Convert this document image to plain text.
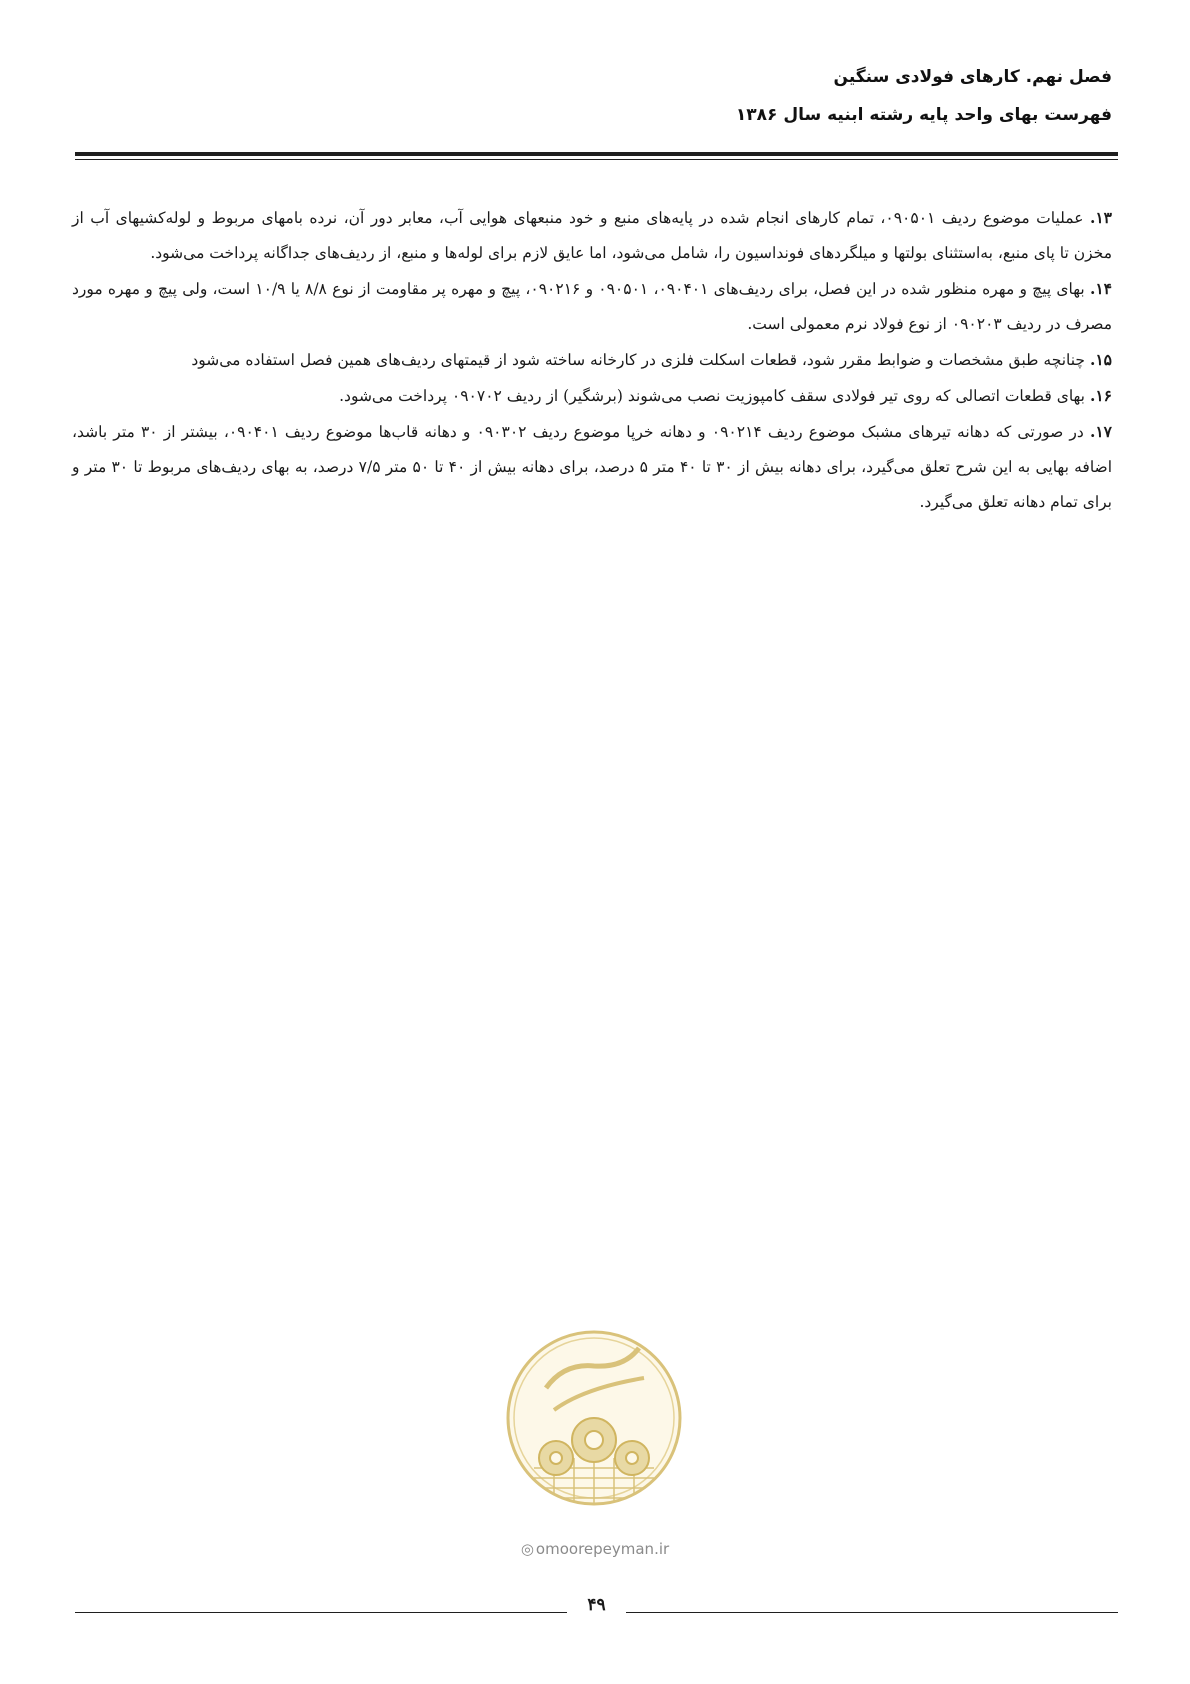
فصل نهم. کارهای فولادی سنگین
فهرست بهای واحد پایه رشته ابنیه سال ۱۳۸۶

۱۳. عملیات موضوع ردیف ۰۹۰۵۰۱، تمام کارهای انجام شده در پایه‌های منبع و خود منبعهای هوایی آب، معابر دور آن، نرده بامهای مربوط و لوله‌کشیهای آب از مخزن تا پای منبع، به‌استثنای بولتها و میلگردهای فونداسیون را، شامل می‌شود، اما عایق لازم برای لوله‌ها و منبع، از ردیف‌های جداگانه پرداخت می‌شود.

۱۴. بهای پیچ و مهره منظور شده در این فصل، برای ردیف‌های ۰۹۰۴۰۱، ۰۹۰۵۰۱ و ۰۹۰۲۱۶، پیچ و مهره پر مقاومت از نوع ۸/۸ یا ۱۰/۹ است، ولی پیچ و مهره مورد مصرف در ردیف ۰۹۰۲۰۳ از نوع فولاد نرم معمولی است.

۱۵. چنانچه طبق مشخصات و ضوابط مقرر شود، قطعات اسکلت فلزی در کارخانه ساخته شود از قیمتهای ردیف‌های همین فصل استفاده می‌شود

۱۶. بهای قطعات اتصالی که روی تیر فولادی سقف کامپوزیت نصب می‌شوند (برشگیر) از ردیف ۰۹۰۷۰۲ پرداخت می‌شود.

۱۷. در صورتی که دهانه تیرهای مشبک موضوع ردیف ۰۹۰۲۱۴ و دهانه خرپا موضوع ردیف ۰۹۰۳۰۲ و دهانه قاب‌ها موضوع ردیف ۰۹۰۴۰۱، بیشتر از ۳۰ متر باشد، اضافه بهایی به این شرح تعلق می‌گیرد، برای دهانه بیش از ۳۰ تا ۴۰ متر ۵ درصد، برای دهانه بیش از ۴۰ تا ۵۰ متر ۷/۵ درصد، به بهای ردیف‌های مربوط تا ۳۰ متر و برای تمام دهانه تعلق می‌گیرد.

◎ omoorepeyman.ir
۴۹
